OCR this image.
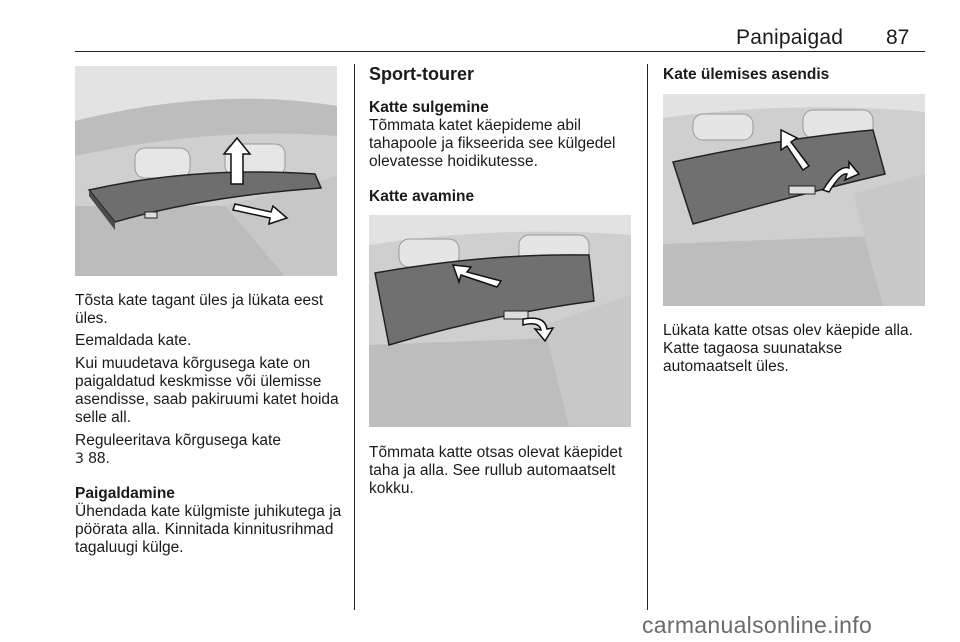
Panipaigad 87
Tõsta kate tagant üles ja lükata eest üles.
Eemaldada kate.
Kui muudetava kõrgusega kate on paigaldatud keskmisse või ülemisse asendisse, saab pakiruumi katet hoida selle all.
Reguleeritava kõrgusega kate
3 88.
Paigaldamine
Ühendada kate külgmiste juhikutega ja pöörata alla. Kinnitada kinnitusrihmad tagaluugi külge.
Sport-tourer
Katte sulgemine
Tõmmata katet käepideme abil tahapoole ja fikseerida see külgedel olevatesse hoidikutesse.
Katte avamine
Tõmmata katte otsas olevat käepidet taha ja alla. See rullub automaatselt kokku.
Kate ülemises asendis
Lükata katte otsas olev käepide alla. Katte tagaosa suunatakse automaatselt üles.
carmanualsonline.info
